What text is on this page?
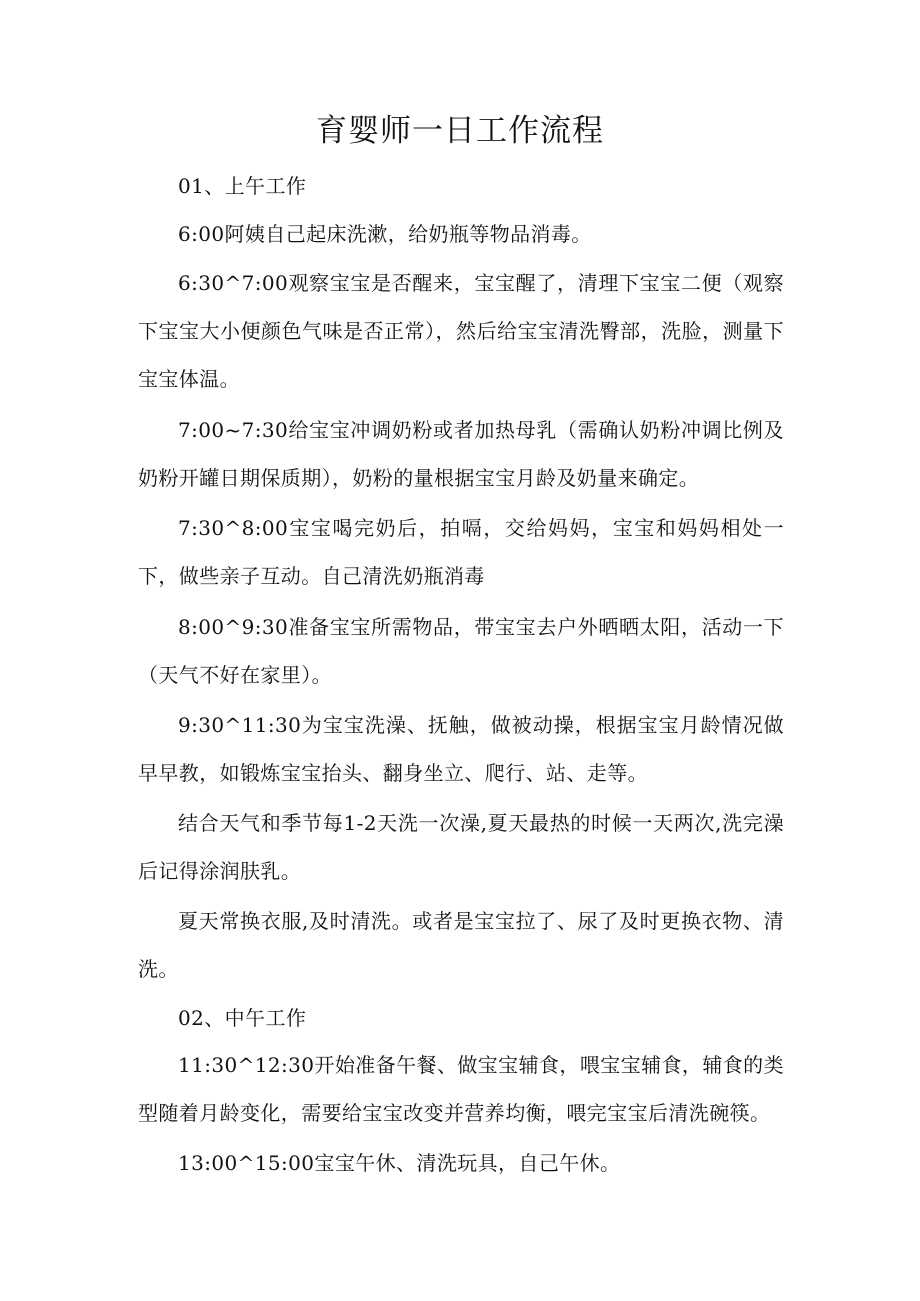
育婴师一日工作流程

01、上午工作

6:00阿姨自己起床洗漱，给奶瓶等物品消毒。

6:30^7:00观察宝宝是否醒来，宝宝醒了，清理下宝宝二便（观察下宝宝大小便颜色气味是否正常），然后给宝宝清洗臀部，洗脸，测量下宝宝体温。

7:00~7:30给宝宝冲调奶粉或者加热母乳（需确认奶粉冲调比例及奶粉开罐日期保质期），奶粉的量根据宝宝月龄及奶量来确定。

7:30^8:00宝宝喝完奶后，拍嗝，交给妈妈，宝宝和妈妈相处一下，做些亲子互动。自己清洗奶瓶消毒

8:00^9:30准备宝宝所需物品，带宝宝去户外晒晒太阳，活动一下（天气不好在家里）。

9:30^11:30为宝宝洗澡、抚触，做被动操，根据宝宝月龄情况做早早教，如锻炼宝宝抬头、翻身坐立、爬行、站、走等。

结合天气和季节每1-2天洗一次澡,夏天最热的时候一天两次,洗完澡后记得涂润肤乳。

夏天常换衣服,及时清洗。或者是宝宝拉了、尿了及时更换衣物、清洗。

02、中午工作

11:30^12:30开始准备午餐、做宝宝辅食，喂宝宝辅食，辅食的类型随着月龄变化，需要给宝宝改变并营养均衡，喂完宝宝后清洗碗筷。

13:00^15:00宝宝午休、清洗玩具，自己午休。
